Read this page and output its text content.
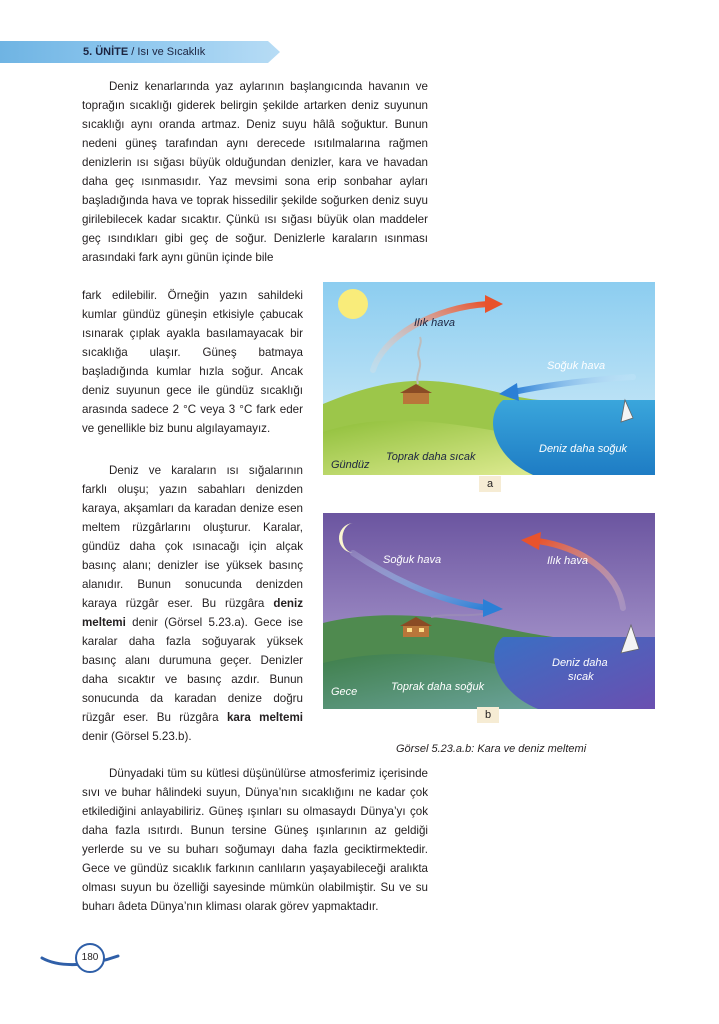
5. ÜNİTE / Isı ve Sıcaklık

Deniz kenarlarında yaz aylarının başlangıcında havanın ve toprağın sıcaklığı giderek belirgin şekilde artarken deniz suyunun sıcaklığı aynı oranda artmaz. Deniz suyu hâlâ soğuktur. Bunun nedeni güneş tarafından aynı derecede ısıtılmalarına rağmen denizlerin ısı sığası büyük olduğundan denizler, kara ve havadan daha geç ısınmasıdır. Yaz mevsimi sona erip sonbahar ayları başladığında hava ve toprak hissedilir şekilde soğurken deniz suyu girilebilecek kadar sıcaktır. Çünkü ısı sığası büyük olan maddeler geç ısındıkları gibi geç de soğur. Denizlerle karaların ısınması arasındaki fark aynı günün içinde bile

fark edilebilir. Örneğin yazın sahildeki kumlar gündüz güneşin etkisiyle çabucak ısınarak çıplak ayakla basılamayacak bir sıcaklığa ulaşır. Güneş batmaya başladığında kumlar hızla soğur. Ancak deniz suyunun gece ile gündüz sıcaklığı arasında sadece 2 °C veya 3 °C fark eder ve genellikle biz bunu algılayamayız.

Deniz ve karaların ısı sığalarının farklı oluşu; yazın sabahları denizden karaya, akşamları da karadan denize esen meltem rüzgârlarını oluşturur. Karalar, gündüz daha çok ısınacağı için alçak basınç alanı; denizler ise yüksek basınç alanıdır. Bunun sonucunda denizden karaya rüzgâr eser. Bu rüzgâra deniz meltemi denir (Görsel 5.23.a). Gece ise karalar daha fazla soğuyarak yüksek basınç alanı durumuna geçer. Denizler daha sıcaktır ve basınç azdır. Bunun sonucunda da karadan denize doğru rüzgâr eser. Bu rüzgâra kara meltemi denir (Görsel 5.23.b).

Dünyadaki tüm su kütlesi düşünülürse atmosferimiz içerisinde sıvı ve buhar hâlindeki suyun, Dünya’nın sıcaklığını ne kadar çok etkilediğini anlayabiliriz. Güneş ışınları su olmasaydı Dünya’yı çok daha fazla ısıtırdı. Bunun tersine Güneş ışınlarının az geldiği yerlerde su ve su buharı soğumayı daha fazla geciktirmektedir. Gece ve gündüz sıcaklık farkının canlıların yaşayabileceği aralıkta olması suyun bu özelliği sayesinde mümkün olabilmiştir. Su ve su buharı âdeta Dünya’nın kliması olarak görev yapmaktadır.

Ilık hava
Soğuk hava
Gündüz
Toprak daha sıcak
Deniz daha soğuk
a
Soğuk hava	Ilık hava
Gece	Toprak daha soğuk
Deniz daha
sıcak
b
Görsel 5.23.a.b: Kara ve deniz meltemi
180
